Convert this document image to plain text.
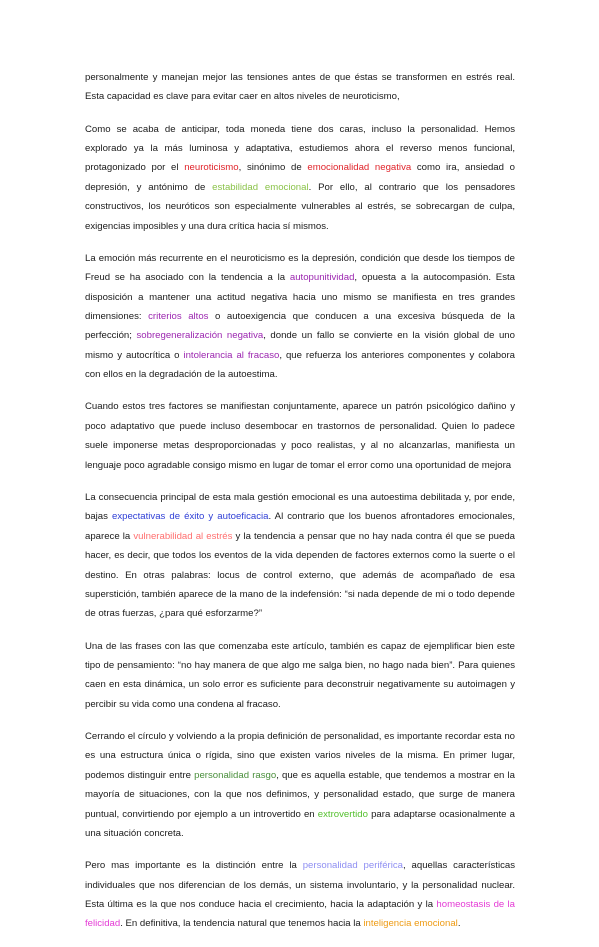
personalmente y manejan mejor las tensiones antes de que éstas se transformen en estrés real. Esta capacidad es clave para evitar caer en altos niveles de neuroticismo,

Como se acaba de anticipar, toda moneda tiene dos caras, incluso la personalidad. Hemos explorado ya la más luminosa y adaptativa, estudiemos ahora el reverso menos funcional, protagonizado por el neuroticismo, sinónimo de emocionalidad negativa como ira, ansiedad o depresión, y antónimo de estabilidad emocional. Por ello, al contrario que los pensadores constructivos, los neuróticos son especialmente vulnerables al estrés, se sobrecargan de culpa, exigencias imposibles y una dura crítica hacia sí mismos.

La emoción más recurrente en el neuroticismo es la depresión, condición que desde los tiempos de Freud se ha asociado con la tendencia a la autopunitividad, opuesta a la autocompasión. Esta disposición a mantener una actitud negativa hacia uno mismo se manifiesta en tres grandes dimensiones: criterios altos o autoexigencia que conducen a una excesiva búsqueda de la perfección; sobregeneralización negativa, donde un fallo se convierte en la visión global de uno mismo y autocrítica o intolerancia al fracaso, que refuerza los anteriores componentes y colabora con ellos en la degradación de la autoestima.

Cuando estos tres factores se manifiestan conjuntamente, aparece un patrón psicológico dañino y poco adaptativo que puede incluso desembocar en trastornos de personalidad. Quien lo padece suele imponerse metas desproporcionadas y poco realistas, y al no alcanzarlas, manifiesta un lenguaje poco agradable consigo mismo en lugar de tomar el error como una oportunidad de mejora

La consecuencia principal de esta mala gestión emocional es una autoestima debilitada y, por ende, bajas expectativas de éxito y autoeficacia. Al contrario que los buenos afrontadores emocionales, aparece la vulnerabilidad al estrés y la tendencia a pensar que no hay nada contra él que se pueda hacer, es decir, que todos los eventos de la vida dependen de factores externos como la suerte o el destino. En otras palabras: locus de control externo, que además de acompañado de esa superstición, también aparece de la mano de la indefensión: “si nada depende de mi o todo depende de otras fuerzas, ¿para qué esforzarme?”

Una de las frases con las que comenzaba este artículo, también es capaz de ejemplificar bien este tipo de pensamiento: “no hay manera de que algo me salga bien, no hago nada bien”. Para quienes caen en esta dinámica, un solo error es suficiente para deconstruir negativamente su autoimagen y percibir su vida como una condena al fracaso.

Cerrando el círculo y volviendo a la propia definición de personalidad, es importante recordar esta no es una estructura única o rígida, sino que existen varios niveles de la misma. En primer lugar, podemos distinguir entre personalidad rasgo, que es aquella estable, que tendemos a mostrar en la mayoría de situaciones, con la que nos definimos, y personalidad estado, que surge de manera puntual, convirtiendo por ejemplo a un introvertido en extrovertido para adaptarse ocasionalmente a una situación concreta.

Pero mas importante es la distinción entre la personalidad periférica, aquellas características individuales que nos diferencian de los demás, un sistema involuntario, y la personalidad nuclear. Esta última es la que nos conduce hacia el crecimiento, hacia la adaptación y la homeostasis de la felicidad. En definitiva, la tendencia natural que tenemos hacia la inteligencia emocional.
